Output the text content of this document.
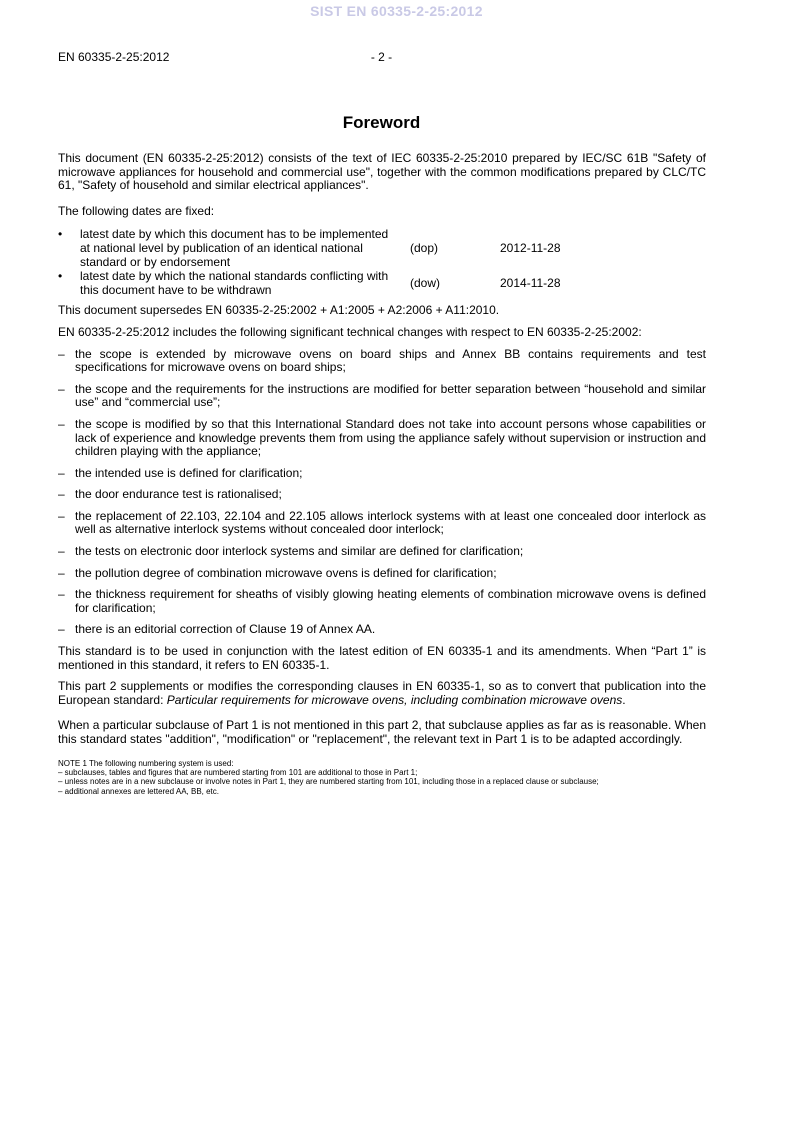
SIST EN 60335-2-25:2012
EN 60335-2-25:2012	- 2 -
Foreword

This document (EN 60335-2-25:2012) consists of the text of IEC 60335-2-25:2010 prepared by IEC/SC 61B "Safety of microwave appliances for household and commercial use", together with the common modifications prepared by CLC/TC 61, "Safety of household and similar electrical appliances".

The following dates are fixed:

•	latest date by which this document has to be implemented
at national level by publication of an identical national standard or by endorsement	(dop)	2012-11-28
•	latest date by which the national standards conflicting with this document have to be withdrawn	(dow)	2014-11-28

This document supersedes EN 60335-2-25:2002 + A1:2005 + A2:2006 + A11:2010.

EN 60335-2-25:2012 includes the following significant technical changes with respect to EN 60335-2-25:2002:

– the scope is extended by microwave ovens on board ships and Annex BB contains requirements and test specifications for microwave ovens on board ships;
– the scope and the requirements for the instructions are modified for better separation between “household and similar use” and “commercial use”;
– the scope is modified by so that this International Standard does not take into account persons whose capabilities or lack of experience and knowledge prevents them from using the appliance safely without supervision or instruction and children playing with the appliance;
– the intended use is defined for clarification;
– the door endurance test is rationalised;
– the replacement of 22.103, 22.104 and 22.105 allows interlock systems with at least one concealed door interlock as well as alternative interlock systems without concealed door interlock;
– the tests on electronic door interlock systems and similar are defined for clarification;
– the pollution degree of combination microwave ovens is defined for clarification;
– the thickness requirement for sheaths of visibly glowing heating elements of combination microwave ovens is defined for clarification;
– there is an editorial correction of Clause 19 of Annex AA.

This standard is to be used in conjunction with the latest edition of EN 60335-1 and its amendments. When “Part 1” is mentioned in this standard, it refers to EN 60335-1.

This part 2 supplements or modifies the corresponding clauses in EN 60335-1, so as to convert that publication into the European standard: Particular requirements for microwave ovens, including combination microwave ovens.

When a particular subclause of Part 1 is not mentioned in this part 2, that subclause applies as far as is reasonable. When this standard states "addition", "modification" or "replacement", the relevant text in Part 1 is to be adapted accordingly.

NOTE 1 The following numbering system is used:
– subclauses, tables and figures that are numbered starting from 101 are additional to those in Part 1;
– unless notes are in a new subclause or involve notes in Part 1, they are numbered starting from 101, including those in a replaced clause or subclause;
– additional annexes are lettered AA, BB, etc.
